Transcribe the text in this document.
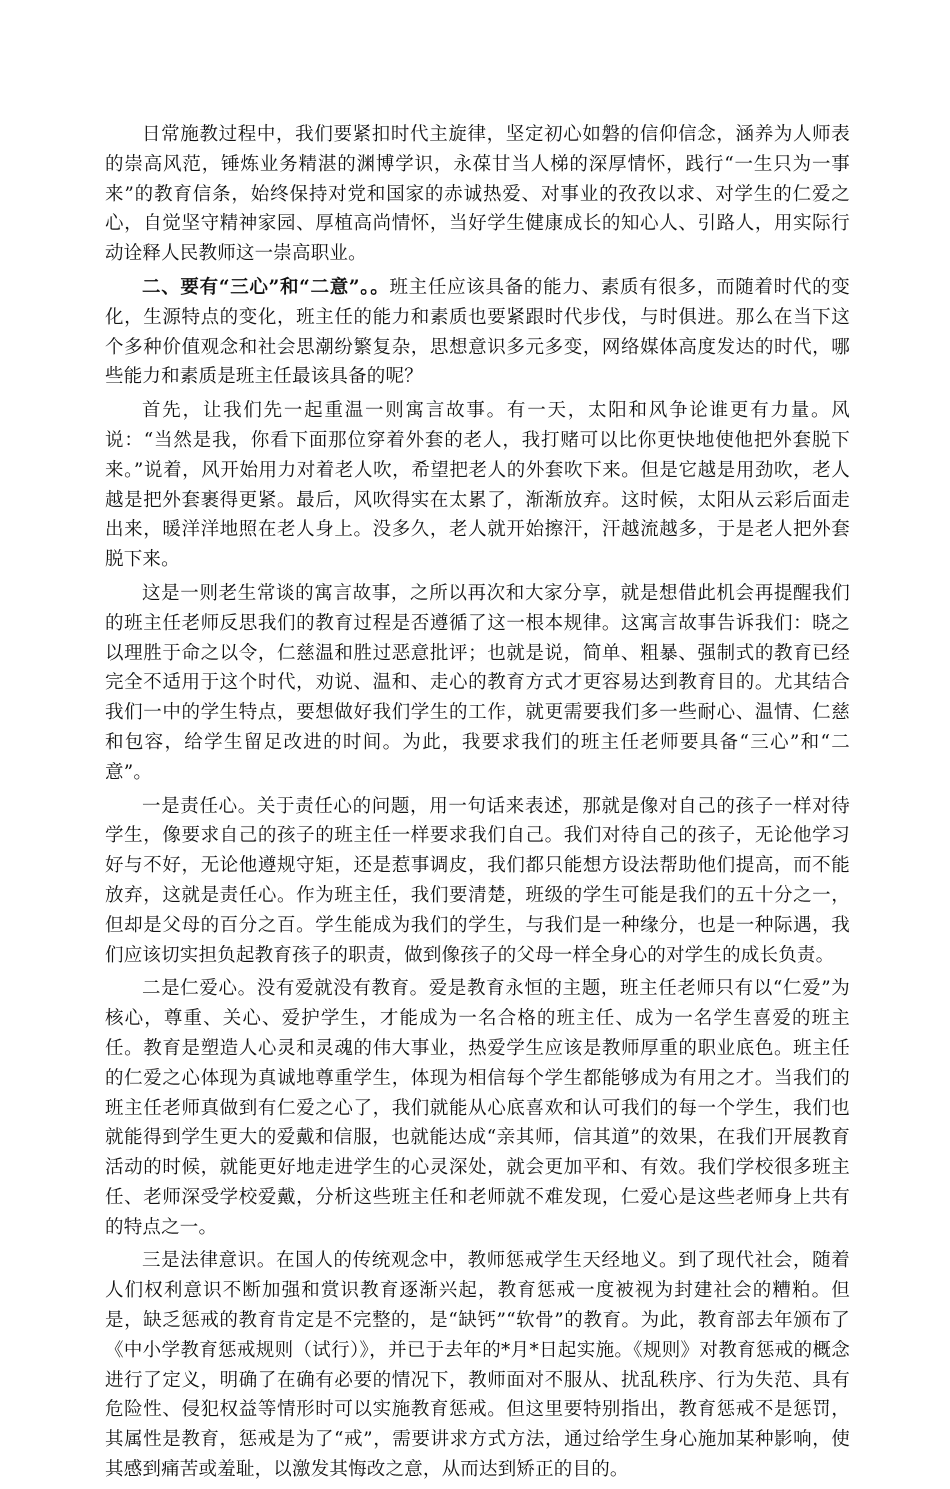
日常施教过程中，我们要紧扣时代主旋律，坚定初心如磐的信仰信念，涵养为人师表的崇高风范，锤炼业务精湛的渊博学识，永葆甘当人梯的深厚情怀，践行“一生只为一事来”的教育信条，始终保持对党和国家的赤诚热爱、对事业的孜孜以求、对学生的仁爱之心，自觉坚守精神家园、厚植高尚情怀，当好学生健康成长的知心人、引路人，用实际行动诠释人民教师这一崇高职业。

二、要有“三心”和“二意”。。班主任应该具备的能力、素质有很多，而随着时代的变化，生源特点的变化，班主任的能力和素质也要紧跟时代步伐，与时俱进。那么在当下这个多种价值观念和社会思潮纷繁复杂，思想意识多元多变，网络媒体高度发达的时代，哪些能力和素质是班主任最该具备的呢？

首先，让我们先一起重温一则寓言故事。有一天，太阳和风争论谁更有力量。风说：“当然是我，你看下面那位穿着外套的老人，我打赌可以比你更快地使他把外套脱下来。”说着，风开始用力对着老人吹，希望把老人的外套吹下来。但是它越是用劲吹，老人越是把外套裹得更紧。最后，风吹得实在太累了，渐渐放弃。这时候，太阳从云彩后面走出来，暖洋洋地照在老人身上。没多久，老人就开始擦汗，汗越流越多，于是老人把外套脱下来。

这是一则老生常谈的寓言故事，之所以再次和大家分享，就是想借此机会再提醒我们的班主任老师反思我们的教育过程是否遵循了这一根本规律。这寓言故事告诉我们：晓之以理胜于命之以令，仁慈温和胜过恶意批评；也就是说，简单、粗暴、强制式的教育已经完全不适用于这个时代，劝说、温和、走心的教育方式才更容易达到教育目的。尤其结合我们一中的学生特点，要想做好我们学生的工作，就更需要我们多一些耐心、温情、仁慈和包容，给学生留足改进的时间。为此，我要求我们的班主任老师要具备“三心”和“二意”。

一是责任心。关于责任心的问题，用一句话来表述，那就是像对自己的孩子一样对待学生，像要求自己的孩子的班主任一样要求我们自己。我们对待自己的孩子，无论他学习好与不好，无论他遵规守矩，还是惹事调皮，我们都只能想方设法帮助他们提高，而不能放弃，这就是责任心。作为班主任，我们要清楚，班级的学生可能是我们的五十分之一，但却是父母的百分之百。学生能成为我们的学生，与我们是一种缘分，也是一种际遇，我们应该切实担负起教育孩子的职责，做到像孩子的父母一样全身心的对学生的成长负责。

二是仁爱心。没有爱就没有教育。爱是教育永恒的主题，班主任老师只有以“仁爱”为核心，尊重、关心、爱护学生，才能成为一名合格的班主任、成为一名学生喜爱的班主任。教育是塑造人心灵和灵魂的伟大事业，热爱学生应该是教师厚重的职业底色。班主任的仁爱之心体现为真诚地尊重学生，体现为相信每个学生都能够成为有用之才。当我们的班主任老师真做到有仁爱之心了，我们就能从心底喜欢和认可我们的每一个学生，我们也就能得到学生更大的爱戴和信服，也就能达成“亲其师，信其道”的效果，在我们开展教育活动的时候，就能更好地走进学生的心灵深处，就会更加平和、有效。我们学校很多班主任、老师深受学校爱戴，分析这些班主任和老师就不难发现，仁爱心是这些老师身上共有的特点之一。

三是法律意识。在国人的传统观念中，教师惩戒学生天经地义。到了现代社会，随着人们权利意识不断加强和赏识教育逐渐兴起，教育惩戒一度被视为封建社会的糟粕。但是，缺乏惩戒的教育肯定是不完整的，是“缺钙”“软骨”的教育。为此，教育部去年颁布了《中小学教育惩戒规则（试行）》，并已于去年的*月*日起实施。《规则》对教育惩戒的概念进行了定义，明确了在确有必要的情况下，教师面对不服从、扰乱秩序、行为失范、具有危险性、侵犯权益等情形时可以实施教育惩戒。但这里要特别指出，教育惩戒不是惩罚，其属性是教育，惩戒是为了“戒”，需要讲求方式方法，通过给学生身心施加某种影响，使其感到痛苦或羞耻，以激发其悔改之意，从而达到矫正的目的。
